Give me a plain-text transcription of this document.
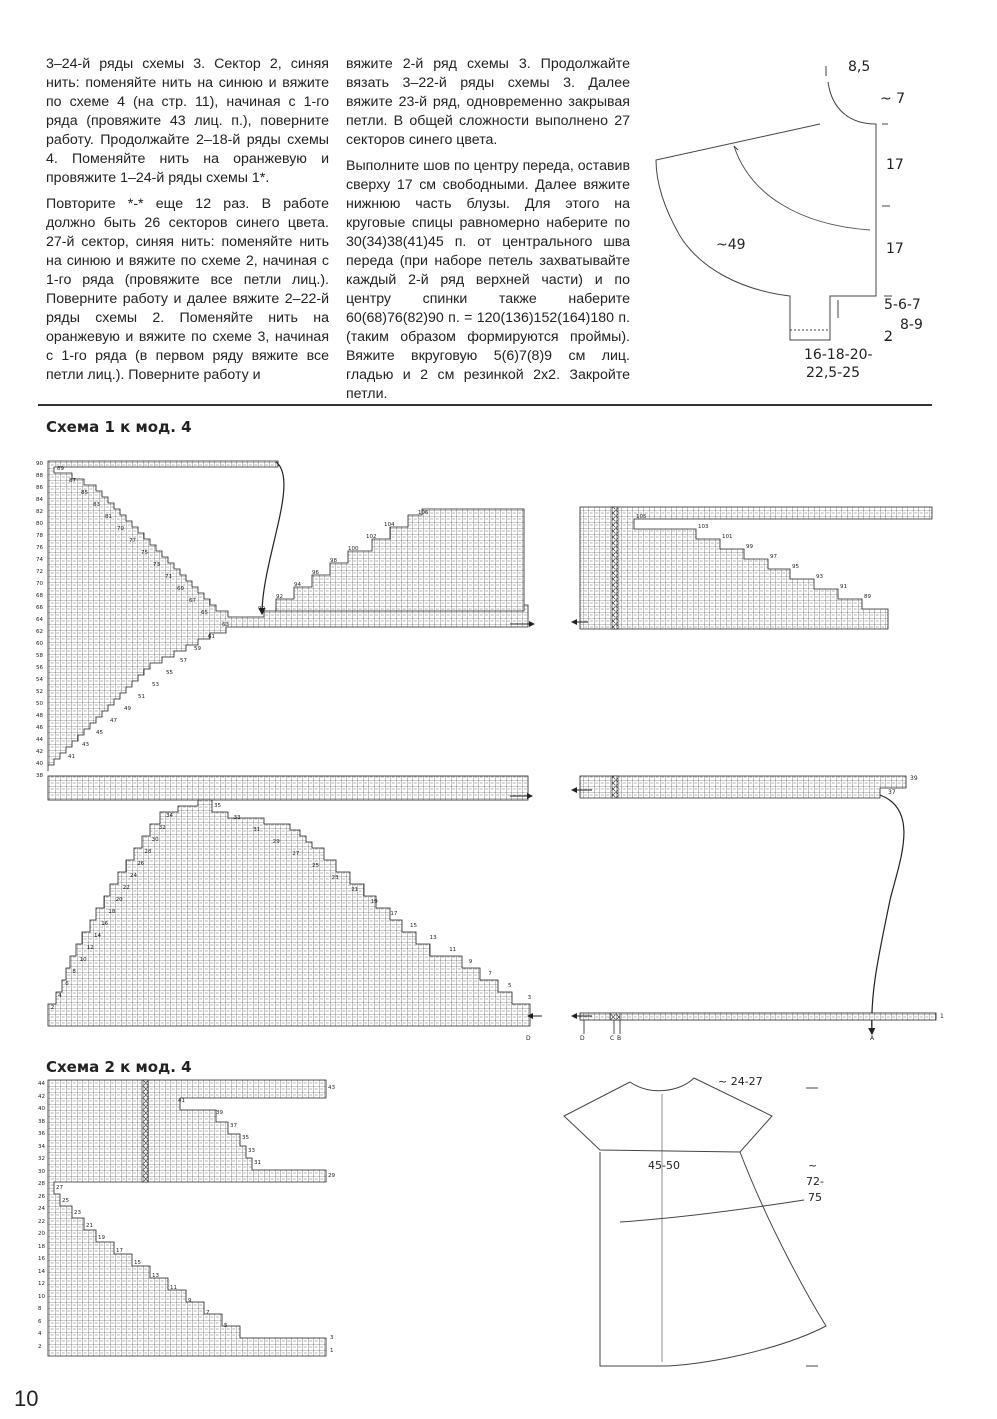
3–24-й ряды схемы 3. Сектор 2, синяя нить: поменяйте нить на синюю и вяжите по схеме 4 (на стр. 11), начиная с 1-го ряда (провяжите 43 лиц. п.), поверните работу. Продолжайте 2–18-й ряды схемы 4. Поменяйте нить на оранжевую и провяжите 1–24-й ряды схемы 1*.

Повторите *-* еще 12 раз. В работе должно быть 26 секторов синего цвета. 27-й сектор, синяя нить: поменяйте нить на синюю и вяжите по схеме 2, начиная с 1-го ряда (провяжите все петли лиц.). Поверните работу и далее вяжите 2–22-й ряды схемы 2. Поменяйте нить на оранжевую и вяжите по схеме 3, начиная с 1-го ряда (в первом ряду вяжите все петли лиц.). Поверните работу и

вяжите 2-й ряд схемы 3. Продолжайте вязать 3–22-й ряды схемы 3. Далее вяжите 23-й ряд, одновременно закрывая петли. В общей сложности выполнено 27 секторов синего цвета.

Выполните шов по центру переда, оставив сверху 17 см свободными. Далее вяжите нижнюю часть блузы. Для этого на круговые спицы равномерно наберите по 30(34)38(41)45 п. от центрального шва переда (при наборе петель захватывайте каждый 2-й ряд верхней части) и по центру спинки также наберите 60(68)76(82)90 п. = 120(136)152(164)180 п. (таким образом формируются проймы). Вяжите вкруговую 5(6)7(8)9 см лиц. гладью и 2 см резинкой 2х2. Закройте петли.

Схема 1 к мод. 4
Схема 2 к мод. 4
10
90
88
86
84
82
80
78
76
74
72
70
68
66
64
62
60
58
56
54
52
50
48
46
44
42
40
38
89
87
85
83
81
79
77
75
73
71
69
67
65
63
61
59
57
55
53
51
49
47
45
43
41
106
104
102
100
98
96
94
92
90
105
103
101
99
97
95
93
91
89
34
32
30
28
26
24
22
20
18
16
14
12
10
8
6
4
2
35
33
31
29
27
25
23
21
19
17
15
13
11
9
7
5
3
39
37
1
D	D	C B	A
44
42
40
38
36
34
32
30
28
26
24
22
20
18
16
14
12
10
8
6
4
2
43
41
39
37
35
33
31
29
27
25
23
21
19
17
15
13
11
9
7
5
3
1
8,5
~ 7
17
17
~49
5-6-7
8-9
2
16-18-20-
22,5-25
~ 24-27
45-50	~
72-
75
